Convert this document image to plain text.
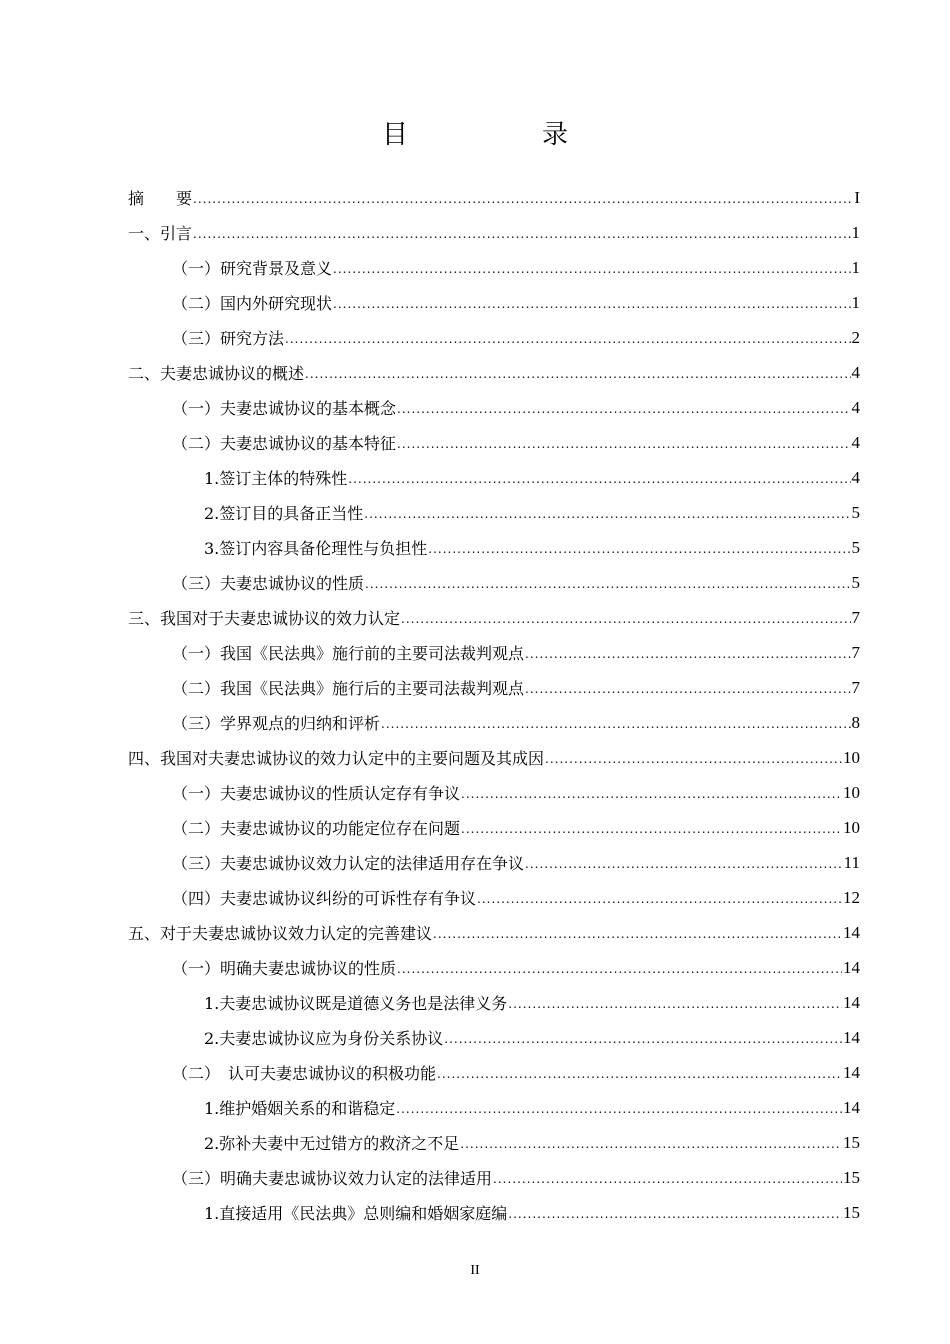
目　录
摘　　要 .....	I
一、引言 .....	1
（一）研究背景及意义 .....	1
（二）国内外研究现状 .....	1
（三）研究方法 .....	2
二、夫妻忠诚协议的概述 .....	4
（一）夫妻忠诚协议的基本概念 .....	4
（二）夫妻忠诚协议的基本特征 .....	4
1.签订主体的特殊性 .....	4
2.签订目的具备正当性 .....	5
3.签订内容具备伦理性与负担性 .....	5
（三）夫妻忠诚协议的性质 .....	5
三、我国对于夫妻忠诚协议的效力认定 .....	7
（一）我国《民法典》施行前的主要司法裁判观点 .....	7
（二）我国《民法典》施行后的主要司法裁判观点 .....	7
（三）学界观点的归纳和评析 .....	8
四、我国对夫妻忠诚协议的效力认定中的主要问题及其成因 .....	10
（一）夫妻忠诚协议的性质认定存有争议 .....	10
（二）夫妻忠诚协议的功能定位存在问题 .....	10
（三）夫妻忠诚协议效力认定的法律适用存在争议 .....	11
（四）夫妻忠诚协议纠纷的可诉性存有争议 .....	12
五、对于夫妻忠诚协议效力认定的完善建议 .....	14
（一）明确夫妻忠诚协议的性质 .....	14
1.夫妻忠诚协议既是道德义务也是法律义务 .....	14
2.夫妻忠诚协议应为身份关系协议 .....	14
（二）　认可夫妻忠诚协议的积极功能 .....	14
1.维护婚姻关系的和谐稳定 .....	14
2.弥补夫妻中无过错方的救济之不足 .....	15
（三）明确夫妻忠诚协议效力认定的法律适用 .....	15
1.直接适用《民法典》总则编和婚姻家庭编 .....	15
II
